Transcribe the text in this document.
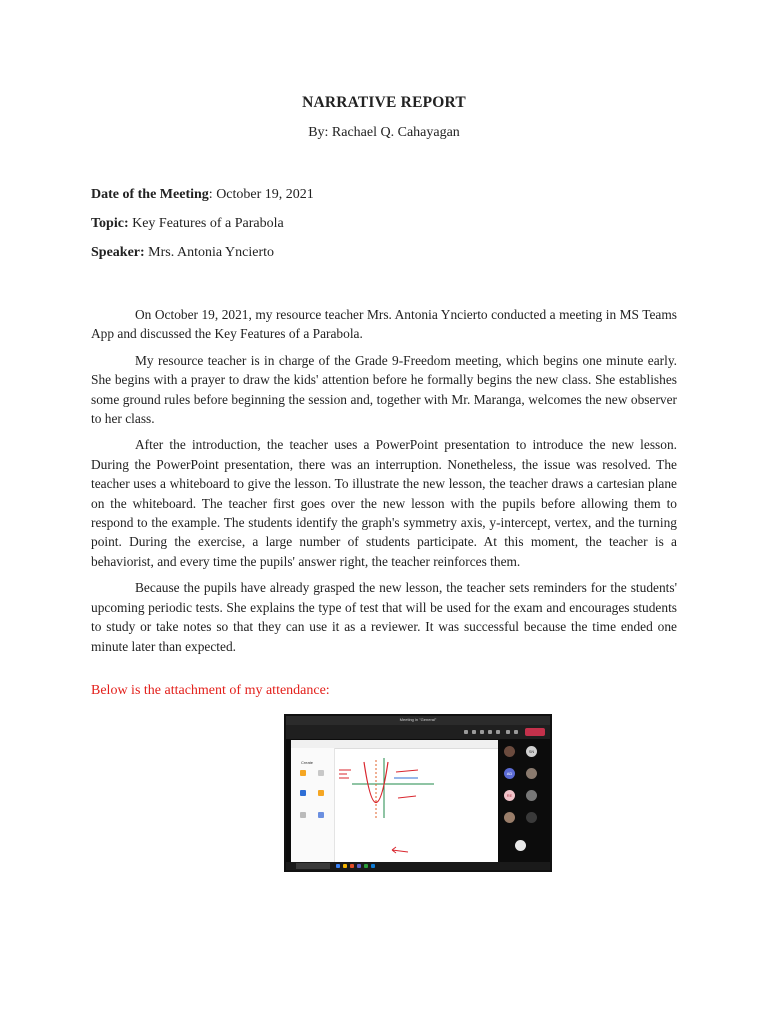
NARRATIVE REPORT
By: Rachael Q. Cahayagan
Date of the Meeting: October 19, 2021
Topic: Key Features of a Parabola
Speaker: Mrs. Antonia Yncierto

On October 19, 2021, my resource teacher Mrs. Antonia Yncierto conducted a meeting in MS Teams App and discussed the Key Features of a Parabola.

My resource teacher is in charge of the Grade 9-Freedom meeting, which begins one minute early. She begins with a prayer to draw the kids' attention before he formally begins the new class. She establishes some ground rules before beginning the session and, together with Mr. Maranga, welcomes the new observer to her class.

After the introduction, the teacher uses a PowerPoint presentation to introduce the new lesson. During the PowerPoint presentation, there was an interruption. Nonetheless, the issue was resolved. The teacher uses a whiteboard to give the lesson. To illustrate the new lesson, the teacher draws a cartesian plane on the whiteboard. The teacher first goes over the new lesson with the pupils before allowing them to respond to the example. The students identify the graph's symmetry axis, y-intercept, vertex, and the turning point. During the exercise, a large number of students participate. At this moment, the teacher is a behaviorist, and every time the pupils' answer right, the teacher reinforces them.

Because the pupils have already grasped the new lesson, the teacher sets reminders for the students' upcoming periodic tests. She explains the type of test that will be used for the exam and encourages students to study or take notes so that they can use it as a reviewer. It was successful because the time ended one minute later than expected.

Below is the attachment of my attendance:
Meeting in "General"
Create
SN
AD
RE
